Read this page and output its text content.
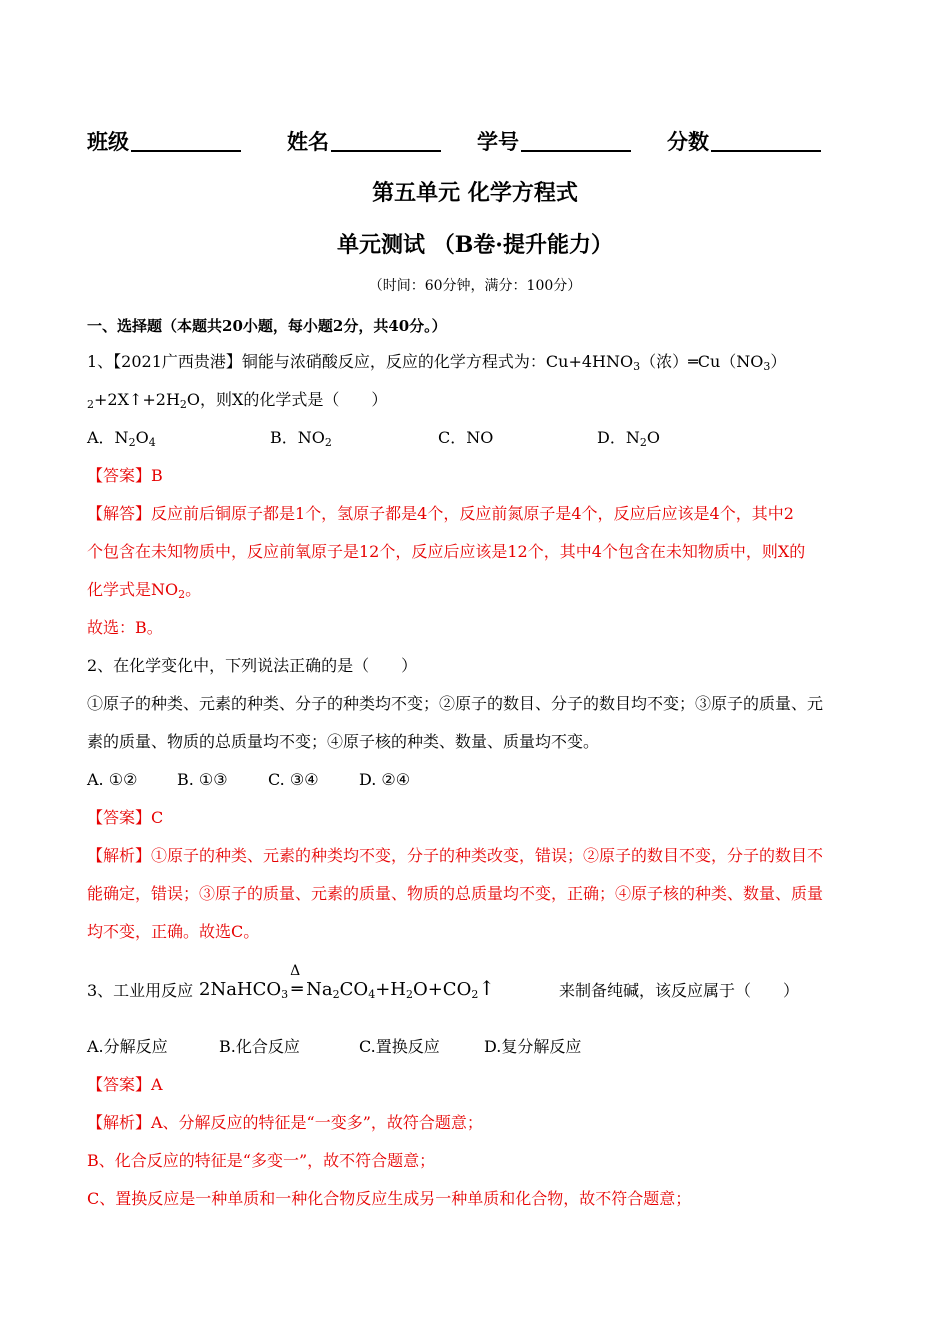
班级	姓名	学号	分数
第五单元 化学方程式
单元测试 （B卷·提升能力）
（时间：60分钟，满分：100分）
一、选择题（本题共20小题，每小题2分，共40分。）
1、【2021广西贵港】铜能与浓硝酸反应，反应的化学方程式为：$Cu+4HNO_3$（浓）$═Cu(NO_3)$
$_2+2X↑+2H_2O$，则X的化学式是（　　）
A．$N_2O_4$	B．$NO_2$	C．NO	D．$N_2O$
【答案】B
【解答】反应前后铜原子都是1个，氢原子都是4个，反应前氮原子是4个，反应后应该是4个，其中2
个包含在未知物质中，反应前氧原子是12个，反应后应该是12个，其中4个包含在未知物质中，则X的
化学式是$NO_2$。
故选：B。
2、在化学变化中，下列说法正确的是（　　）
①原子的种类、元素的种类、分子的种类均不变；②原子的数目、分子的数目均不变；③原子的质量、元
素的质量、物质的总质量均不变；④原子核的种类、数量、质量均不变。
A. ①② B. ①③	C. ③④	D. ②④
【答案】C
【解析】①原子的种类、元素的种类均不变，分子的种类改变，错误；②原子的数目不变，分子的数目不
能确定，错误；③原子的质量、元素的质量、物质的总质量均不变，正确；④原子核的种类、数量、质量
均不变，正确。故选C。
3、工业用反应 2NaHCO$_3$
Δ
═ $Na_2CO_4+H_2O+CO_2↑$	来制备纯碱，该反应属于（　　）
A.分解反应	B.化合反应	C.置换反应	D.复分解反应
【答案】A
【解析】A、分解反应的特征是“一变多”，故符合题意；
B、化合反应的特征是“多变一”，故不符合题意；
C、置换反应是一种单质和一种化合物反应生成另一种单质和化合物，故不符合题意；
